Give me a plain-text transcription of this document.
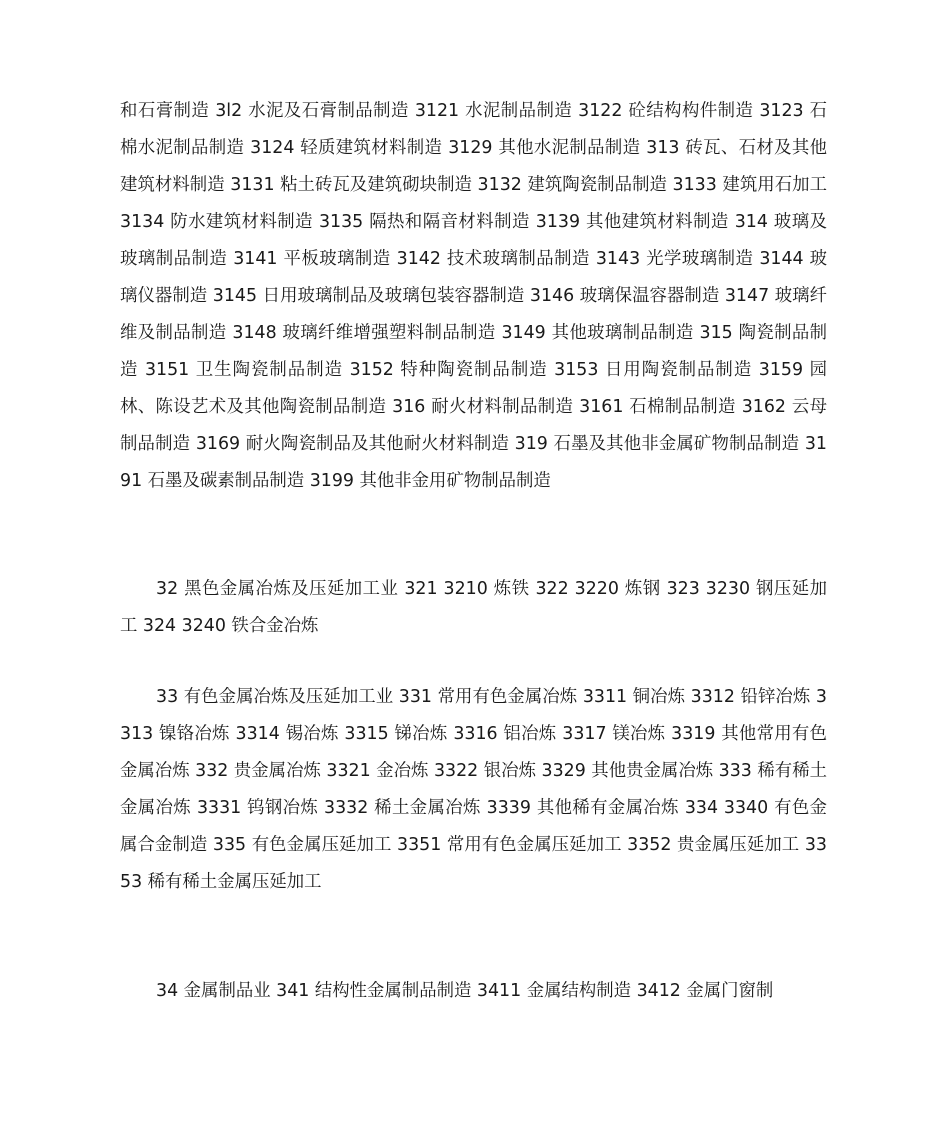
和石膏制造 3l2 水泥及石膏制品制造 3121 水泥制品制造 3122 砼结构构件制造 3123 石棉水泥制品制造 3124 轻质建筑材料制造 3129 其他水泥制品制造 313 砖瓦、石材及其他建筑材料制造 3131 粘土砖瓦及建筑砌块制造 3132 建筑陶瓷制品制造 3133 建筑用石加工 3134 防水建筑材料制造 3135 隔热和隔音材料制造 3139 其他建筑材料制造 314 玻璃及玻璃制品制造 3141 平板玻璃制造 3142 技术玻璃制品制造 3143 光学玻璃制造 3144 玻璃仪器制造 3145 日用玻璃制品及玻璃包装容器制造 3146 玻璃保温容器制造 3147 玻璃纤维及制品制造 3148 玻璃纤维增强塑料制品制造 3149 其他玻璃制品制造 315 陶瓷制品制造 3151 卫生陶瓷制品制造 3152 特种陶瓷制品制造 3153 日用陶瓷制品制造 3159 园林、陈设艺术及其他陶瓷制品制造 316 耐火材料制品制造 3161 石棉制品制造 3162 云母制品制造 3169 耐火陶瓷制品及其他耐火材料制造 319 石墨及其他非金属矿物制品制造 3191 石墨及碳素制品制造 3199 其他非金用矿物制品制造

32 黑色金属冶炼及压延加工业 321 3210 炼铁 322 3220 炼钢 323 3230 钢压延加工 324 3240 铁合金冶炼

33 有色金属冶炼及压延加工业 331 常用有色金属冶炼 3311 铜冶炼 3312 铅锌冶炼 3313 镍铬冶炼 3314 锡冶炼 3315 锑冶炼 3316 铝冶炼 3317 镁冶炼 3319 其他常用有色金属冶炼 332 贵金属冶炼 3321 金冶炼 3322 银冶炼 3329 其他贵金属冶炼 333 稀有稀土金属冶炼 3331 钨钢冶炼 3332 稀土金属冶炼 3339 其他稀有金属冶炼 334 3340 有色金属合金制造 335 有色金属压延加工 3351 常用有色金属压延加工 3352 贵金属压延加工 3353 稀有稀土金属压延加工

34 金属制品业 341 结构性金属制品制造 3411 金属结构制造 3412 金属门窗制
